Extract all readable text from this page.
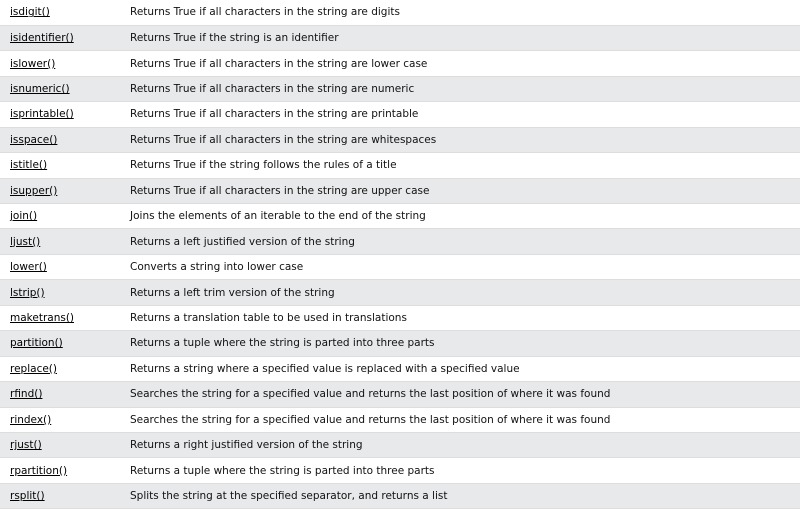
isdigit()	Returns True if all characters in the string are digits
isidentifier()	Returns True if the string is an identifier
islower()	Returns True if all characters in the string are lower case
isnumeric()	Returns True if all characters in the string are numeric
isprintable()	Returns True if all characters in the string are printable
isspace()	Returns True if all characters in the string are whitespaces
istitle()	Returns True if the string follows the rules of a title
isupper()	Returns True if all characters in the string are upper case
join()	Joins the elements of an iterable to the end of the string
ljust()	Returns a left justified version of the string
lower()	Converts a string into lower case
lstrip()	Returns a left trim version of the string
maketrans()	Returns a translation table to be used in translations
partition()	Returns a tuple where the string is parted into three parts
replace()	Returns a string where a specified value is replaced with a specified value
rfind()	Searches the string for a specified value and returns the last position of where it was found
rindex()	Searches the string for a specified value and returns the last position of where it was found
rjust()	Returns a right justified version of the string
rpartition()	Returns a tuple where the string is parted into three parts
rsplit()	Splits the string at the specified separator, and returns a list
